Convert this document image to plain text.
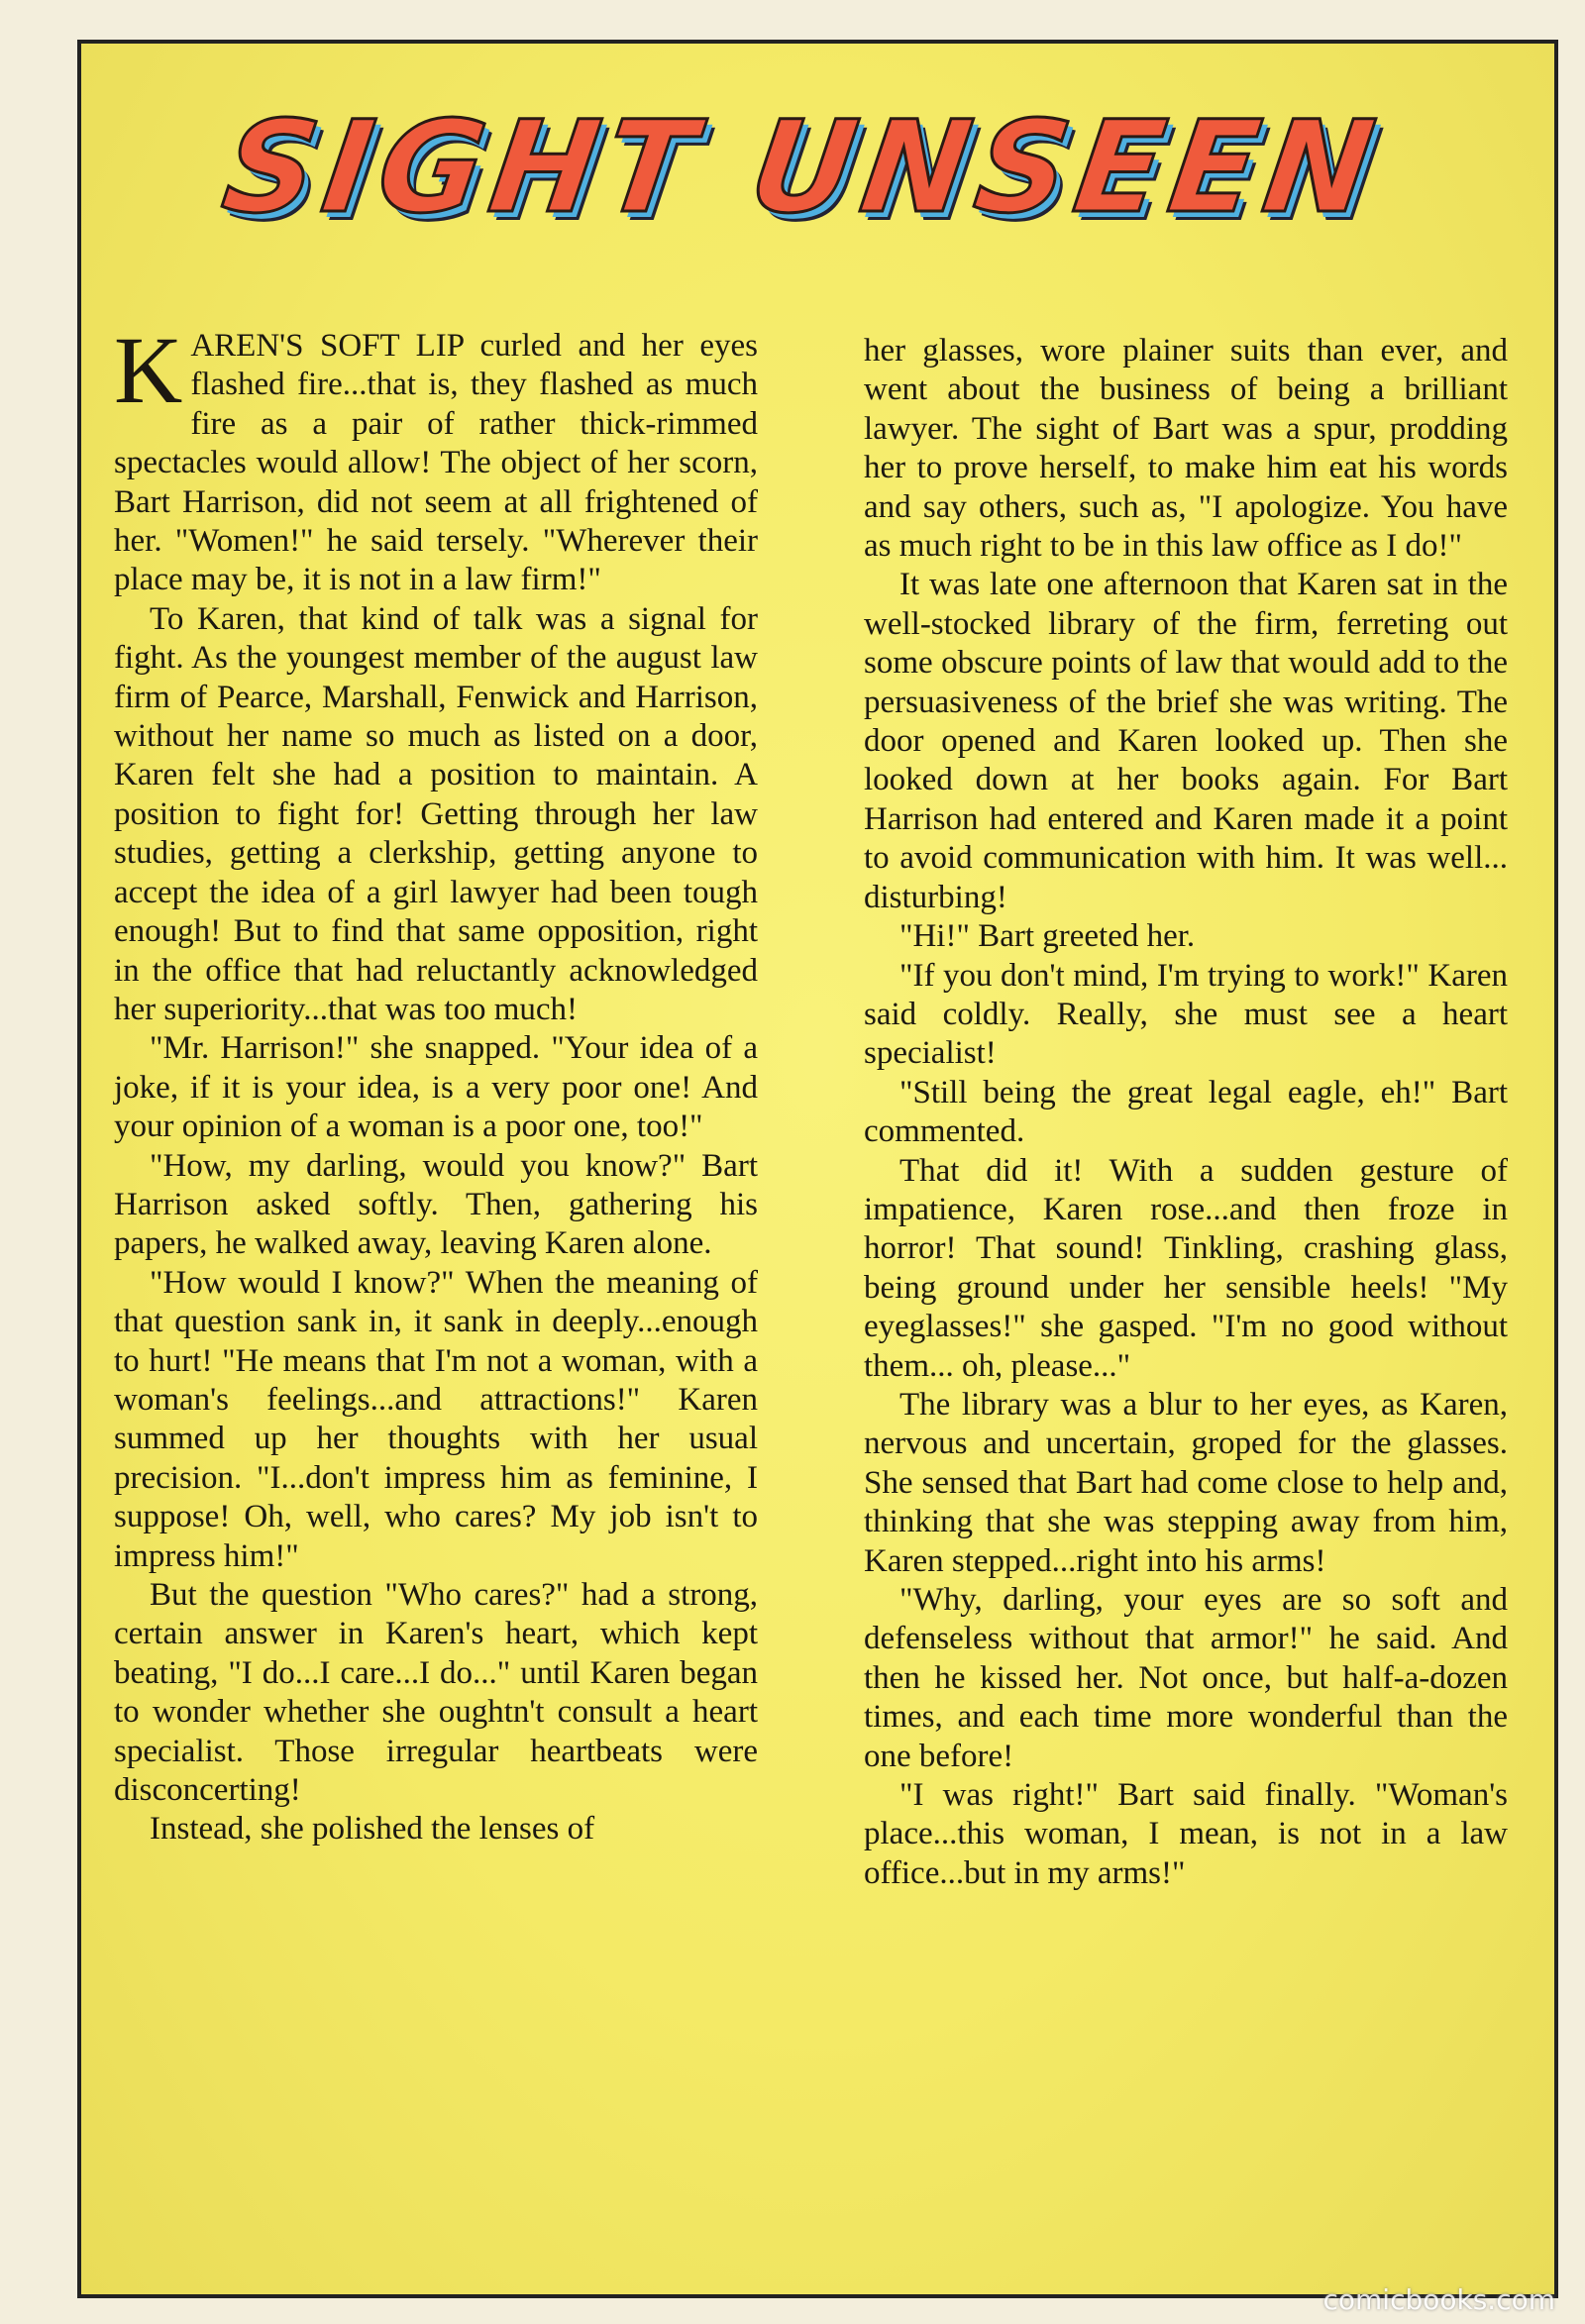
SIGHT UNSEEN

KAREN'S SOFT LIP curled and her eyes flashed fire...that is, they flashed as much fire as a pair of rather thick-rimmed spectacles would allow! The object of her scorn, Bart Harrison, did not seem at all frightened of her. "Women!" he said tersely. "Wherever their place may be, it is not in a law firm!"

To Karen, that kind of talk was a signal for fight. As the youngest member of the august law firm of Pearce, Marshall, Fenwick and Harrison, without her name so much as listed on a door, Karen felt she had a position to maintain. A position to fight for! Getting through her law studies, getting a clerkship, getting anyone to accept the idea of a girl lawyer had been tough enough! But to find that same opposition, right in the office that had reluctantly acknowledged her superiority...that was too much!

"Mr. Harrison!" she snapped. "Your idea of a joke, if it is your idea, is a very poor one! And your opinion of a woman is a poor one, too!"

"How, my darling, would you know?" Bart Harrison asked softly. Then, gathering his papers, he walked away, leaving Karen alone.

"How would I know?" When the meaning of that question sank in, it sank in deeply...enough to hurt! "He means that I'm not a woman, with a woman's feelings...and attractions!" Karen summed up her thoughts with her usual precision. "I...don't impress him as feminine, I suppose! Oh, well, who cares? My job isn't to impress him!"

But the question "Who cares?" had a strong, certain answer in Karen's heart, which kept beating, "I do...I care...I do..." until Karen began to wonder whether she oughtn't consult a heart specialist. Those irregular heartbeats were disconcerting!

Instead, she polished the lenses of

her glasses, wore plainer suits than ever, and went about the business of being a brilliant lawyer. The sight of Bart was a spur, prodding her to prove herself, to make him eat his words and say others, such as, "I apologize. You have as much right to be in this law office as I do!"

It was late one afternoon that Karen sat in the well-stocked library of the firm, ferreting out some obscure points of law that would add to the persuasiveness of the brief she was writing. The door opened and Karen looked up. Then she looked down at her books again. For Bart Harrison had entered and Karen made it a point to avoid communication with him. It was well... disturbing!

"Hi!" Bart greeted her.

"If you don't mind, I'm trying to work!" Karen said coldly. Really, she must see a heart specialist!

"Still being the great legal eagle, eh!" Bart commented.

That did it! With a sudden gesture of impatience, Karen rose...and then froze in horror! That sound! Tinkling, crashing glass, being ground under her sensible heels! "My eyeglasses!" she gasped. "I'm no good without them... oh, please..."

The library was a blur to her eyes, as Karen, nervous and uncertain, groped for the glasses. She sensed that Bart had come close to help and, thinking that she was stepping away from him, Karen stepped...right into his arms!

"Why, darling, your eyes are so soft and defenseless without that armor!" he said. And then he kissed her. Not once, but half-a-dozen times, and each time more wonderful than the one before!

"I was right!" Bart said finally. "Woman's place...this woman, I mean, is not in a law office...but in my arms!"

comicbooks.com
